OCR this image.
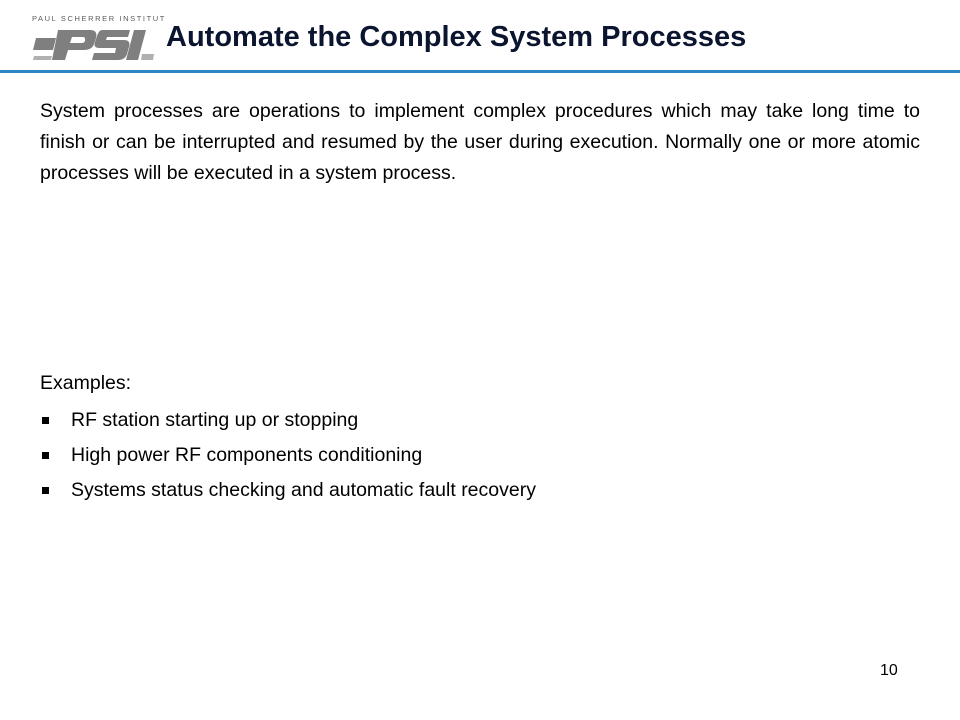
PAUL SCHERRER INSTITUT
Automate the Complex System Processes

System processes are operations to implement complex procedures which may take long time to finish or can be interrupted and resumed by the user during execution. Normally one or more atomic processes will be executed in a system process.

Examples:

RF station starting up or stopping
High power RF components conditioning
Systems status checking and automatic fault recovery
10
